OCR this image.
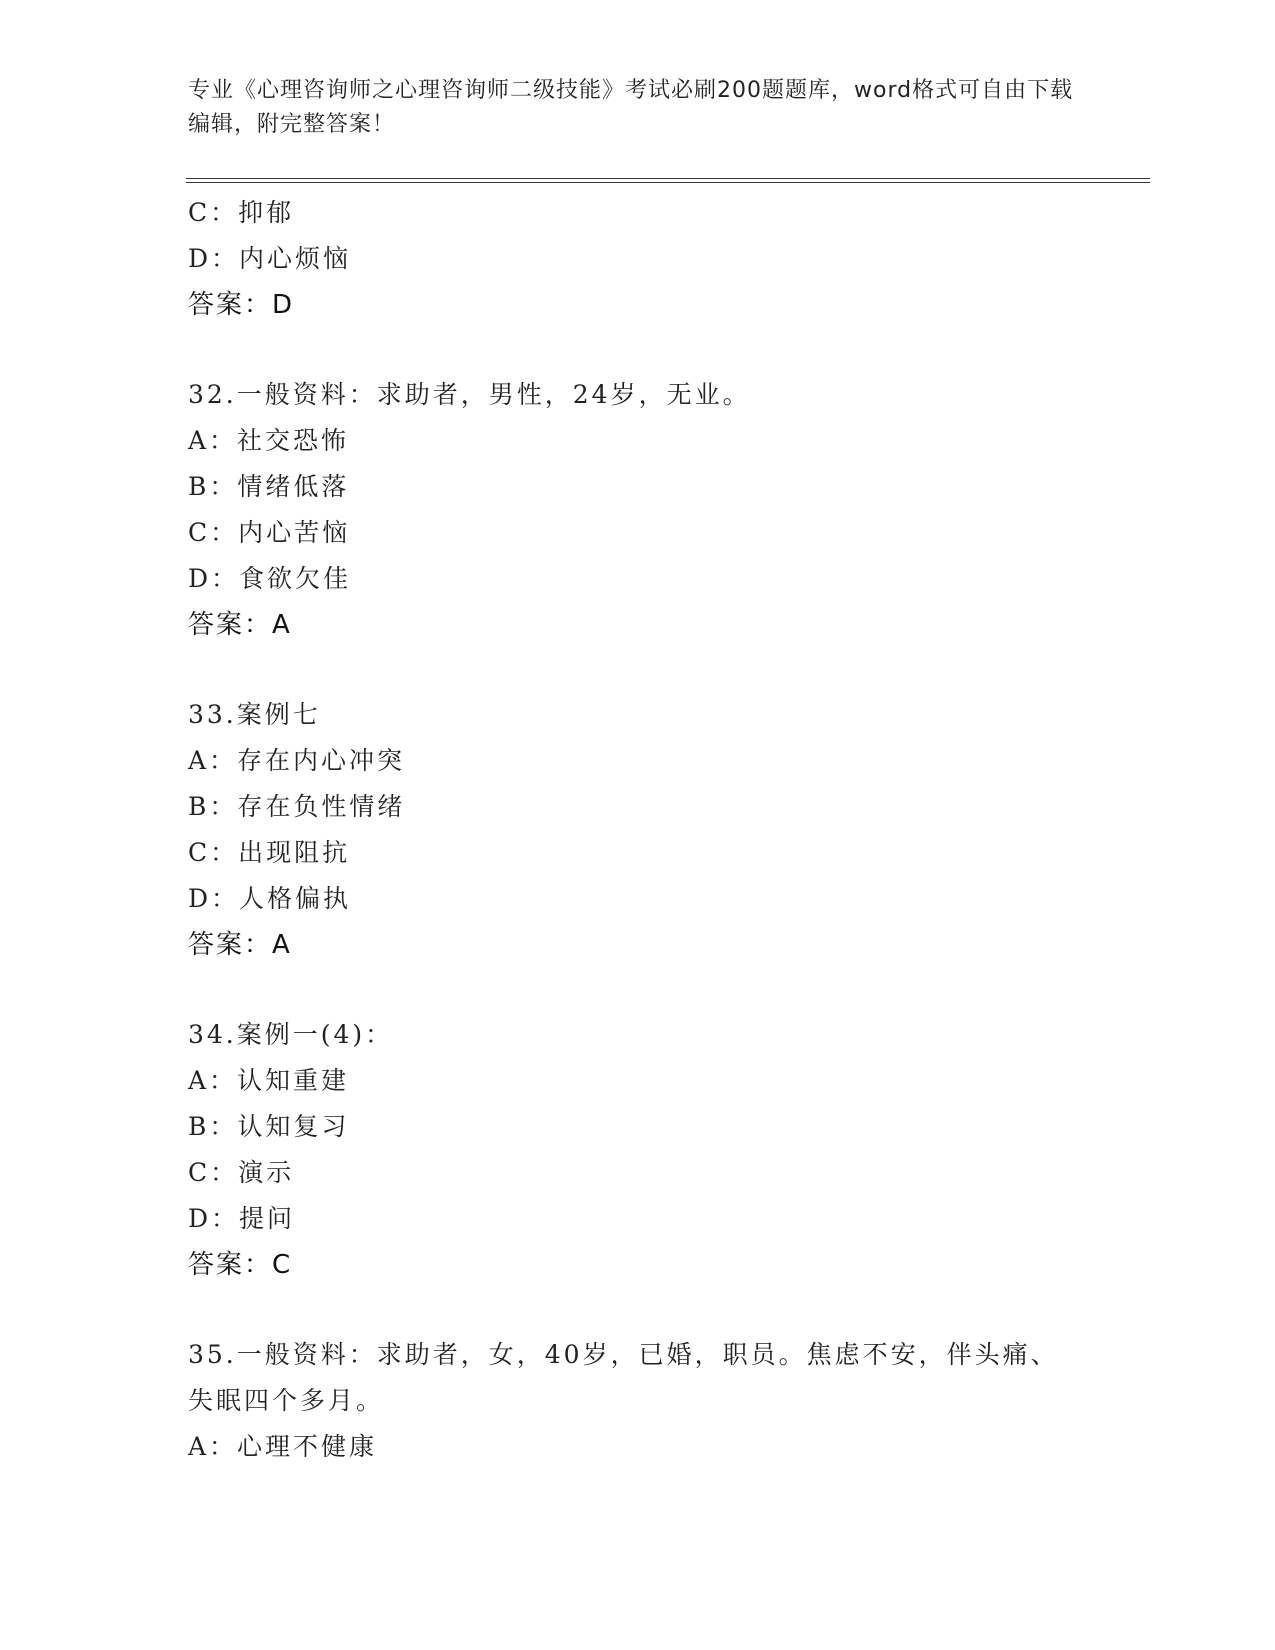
专业《心理咨询师之心理咨询师二级技能》考试必刷200题题库，word格式可自由下载编辑，附完整答案！
C：抑郁
D：内心烦恼
答案：D
32.一般资料：求助者，男性，24岁，无业。
A：社交恐怖
B：情绪低落
C：内心苦恼
D：食欲欠佳
答案：A
33.案例七
A：存在内心冲突
B：存在负性情绪
C：出现阻抗
D：人格偏执
答案：A
34.案例一(4)：
A：认知重建
B：认知复习
C：演示
D：提问
答案：C
35.一般资料：求助者，女，40岁，已婚，职员。焦虑不安，伴头痛、失眠四个多月。
A：心理不健康
